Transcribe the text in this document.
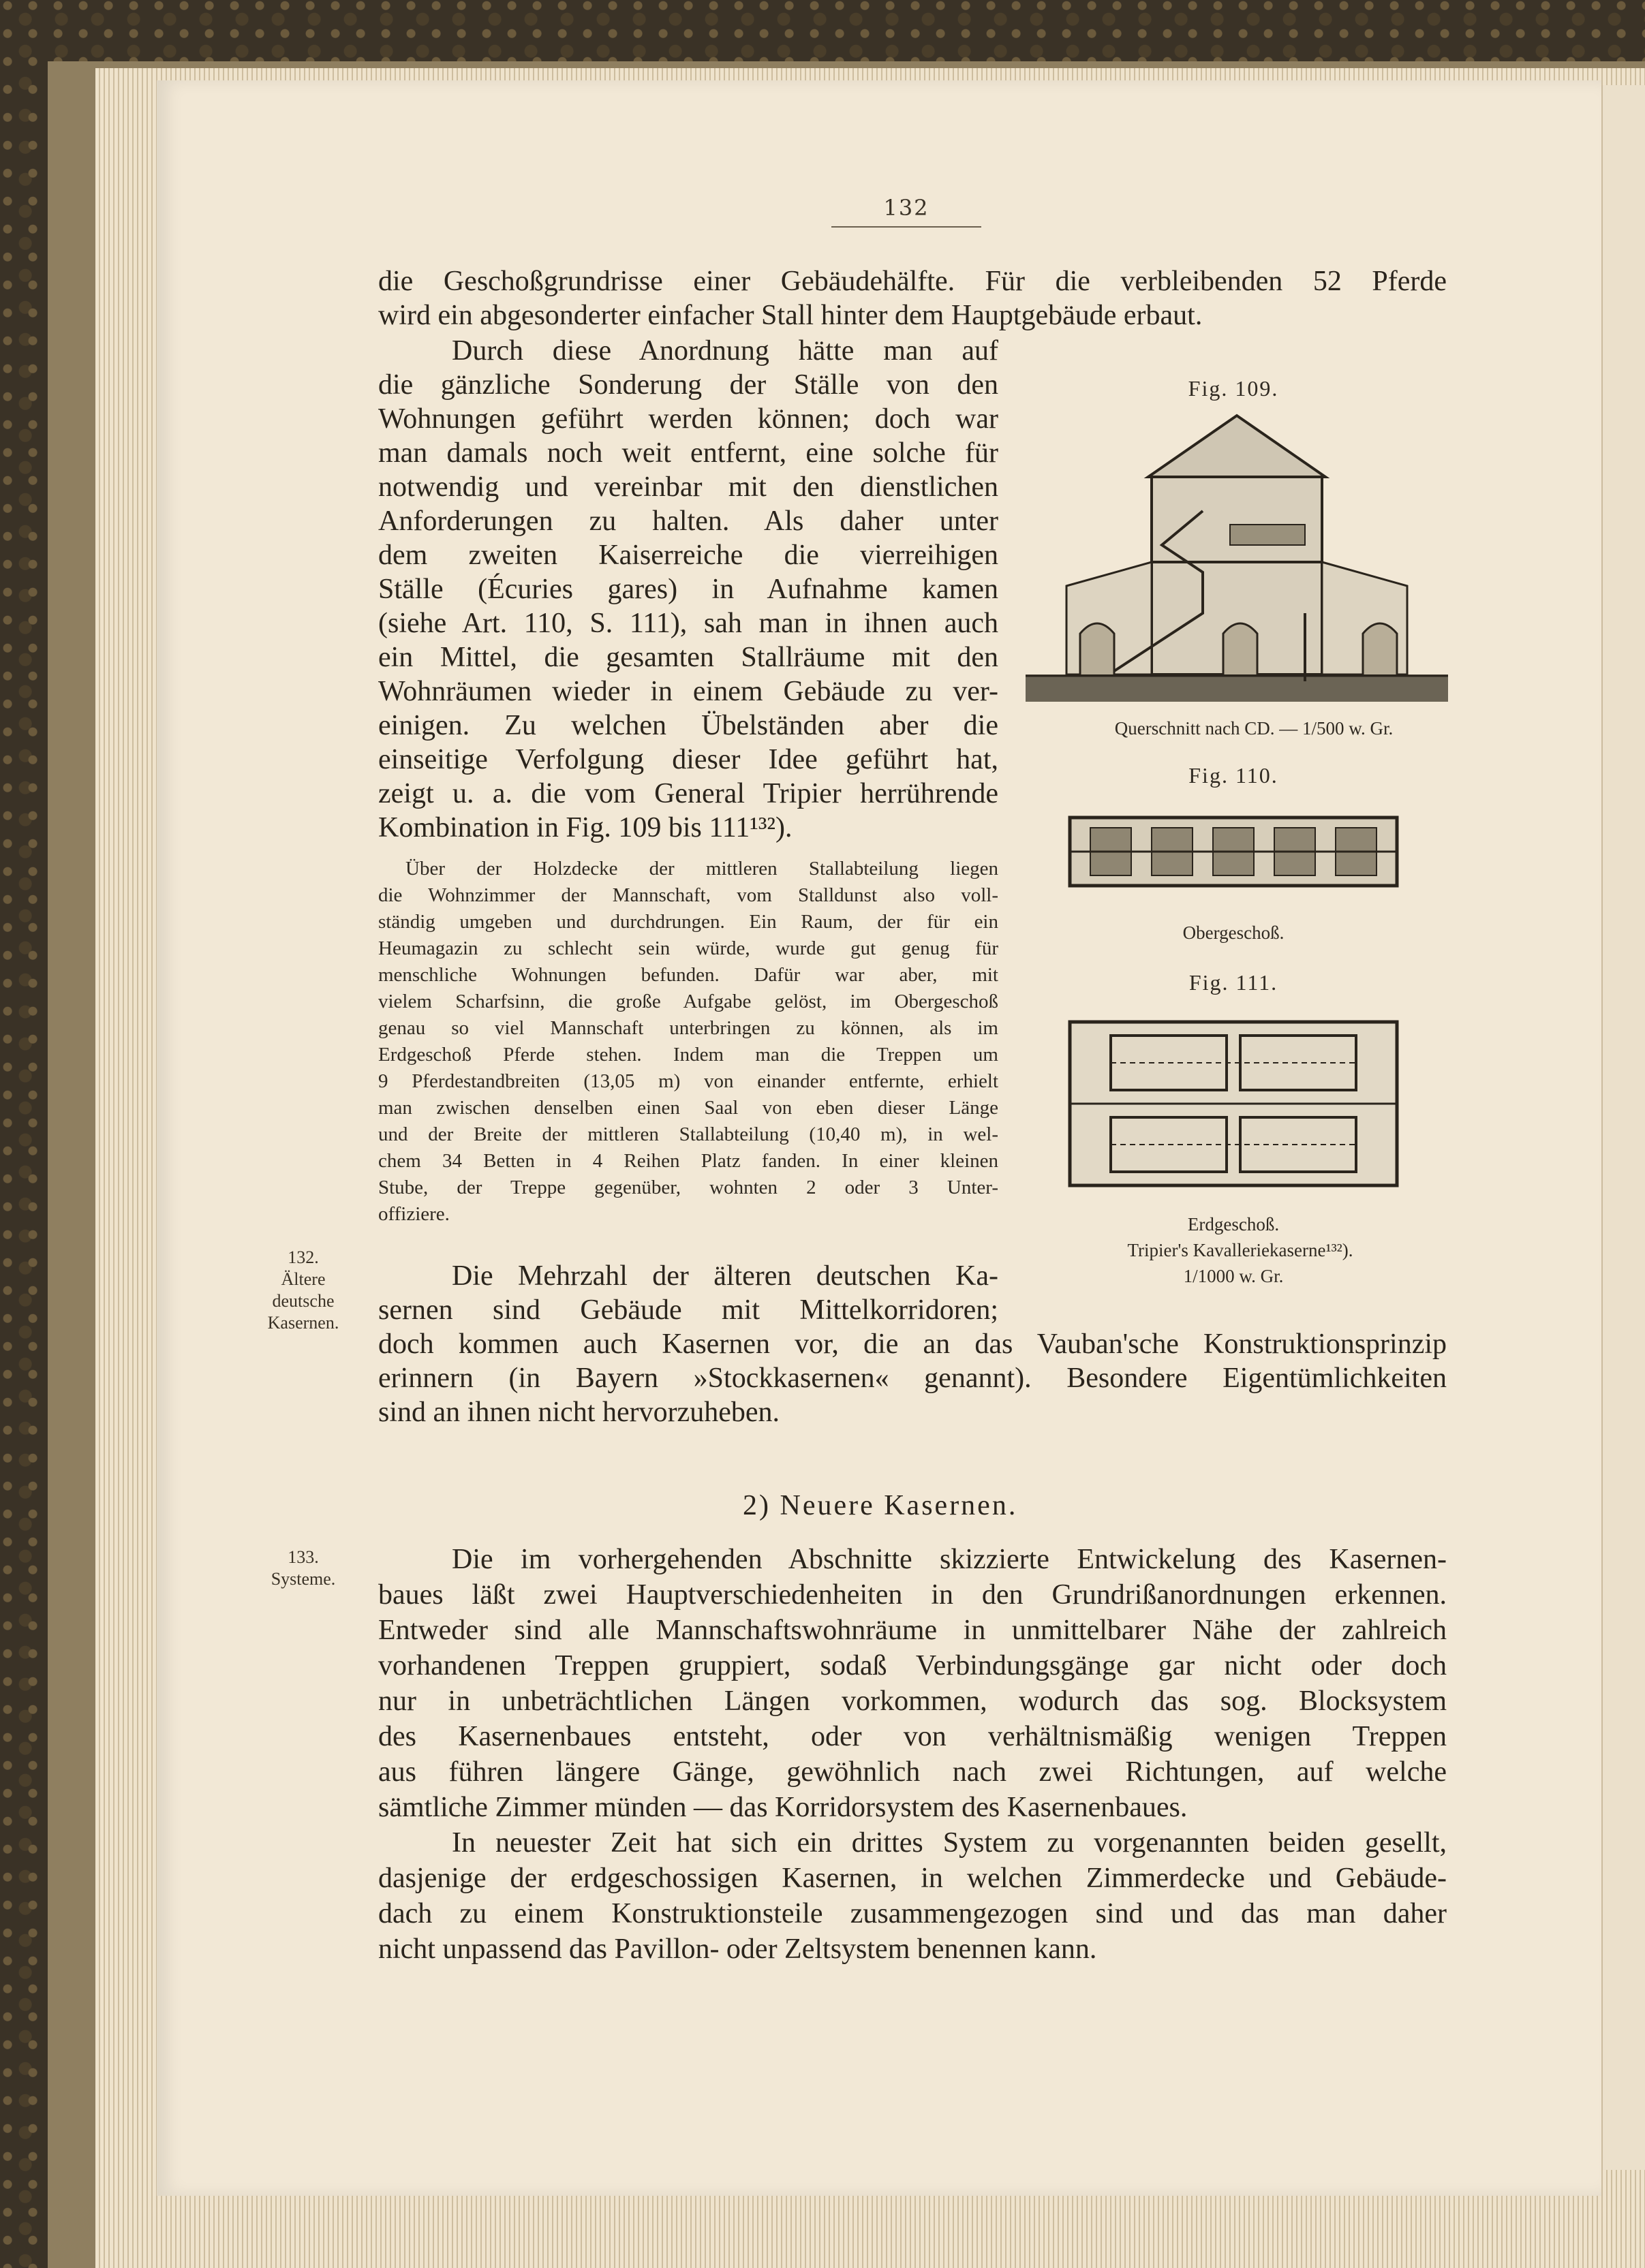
132
die Geschoßgrundrisse einer Gebäudehälfte. Für die verbleibenden 52 Pferde
wird ein abgesonderter einfacher Stall hinter dem Hauptgebäude erbaut.
Durch diese Anordnung hätte man auf
die gänzliche Sonderung der Ställe von den
Wohnungen geführt werden können; doch war
man damals noch weit entfernt, eine solche für
notwendig und vereinbar mit den dienstlichen
Anforderungen zu halten. Als daher unter
dem zweiten Kaiserreiche die vierreihigen
Ställe (Écuries gares) in Aufnahme kamen
(siehe Art. 110, S. 111), sah man in ihnen auch
ein Mittel, die gesamten Stallräume mit den
Wohnräumen wieder in einem Gebäude zu ver-
einigen. Zu welchen Übelständen aber die
einseitige Verfolgung dieser Idee geführt hat,
zeigt u. a. die vom General Tripier herrührende
Kombination in Fig. 109 bis 111¹³²).
Über der Holzdecke der mittleren Stallabteilung liegen
die Wohnzimmer der Mannschaft, vom Stalldunst also voll-
ständig umgeben und durchdrungen. Ein Raum, der für ein
Heumagazin zu schlecht sein würde, wurde gut genug für
menschliche Wohnungen befunden. Dafür war aber, mit
vielem Scharfsinn, die große Aufgabe gelöst, im Obergeschoß
genau so viel Mannschaft unterbringen zu können, als im
Erdgeschoß Pferde stehen. Indem man die Treppen um
9 Pferdestandbreiten (13,05 m) von einander entfernte, erhielt
man zwischen denselben einen Saal von eben dieser Länge
und der Breite der mittleren Stallabteilung (10,40 m), in wel-
chem 34 Betten in 4 Reihen Platz fanden. In einer kleinen
Stube, der Treppe gegenüber, wohnten 2 oder 3 Unter-
offiziere.
Die Mehrzahl der älteren deutschen Ka-
sernen sind Gebäude mit Mittelkorridoren;
doch kommen auch Kasernen vor, die an das Vauban'sche Konstruktionsprinzip
erinnern (in Bayern »Stockkasernen« genannt). Besondere Eigentümlichkeiten
sind an ihnen nicht hervorzuheben.
132.
Ältere
deutsche
Kasernen.
133.
Systeme.
2) Neuere Kasernen.
Die im vorhergehenden Abschnitte skizzierte Entwickelung des Kasernen-
baues läßt zwei Hauptverschiedenheiten in den Grundrißanordnungen erkennen.
Entweder sind alle Mannschaftswohnräume in unmittelbarer Nähe der zahlreich
vorhandenen Treppen gruppiert, sodaß Verbindungsgänge gar nicht oder doch
nur in unbeträchtlichen Längen vorkommen, wodurch das sog. Blocksystem
des Kasernenbaues entsteht, oder von verhältnismäßig wenigen Treppen
aus führen längere Gänge, gewöhnlich nach zwei Richtungen, auf welche
sämtliche Zimmer münden — das Korridorsystem des Kasernenbaues.
In neuester Zeit hat sich ein drittes System zu vorgenannten beiden gesellt,
dasjenige der erdgeschossigen Kasernen, in welchen Zimmerdecke und Gebäude-
dach zu einem Konstruktionsteile zusammengezogen sind und das man daher
nicht unpassend das Pavillon- oder Zeltsystem benennen kann.
Fig. 109.
Querschnitt nach CD. — 1/500 w. Gr.
Fig. 110.
Obergeschoß.
Fig. 111.
Erdgeschoß.
Tripier's Kavalleriekaserne¹³²).
1/1000 w. Gr.
